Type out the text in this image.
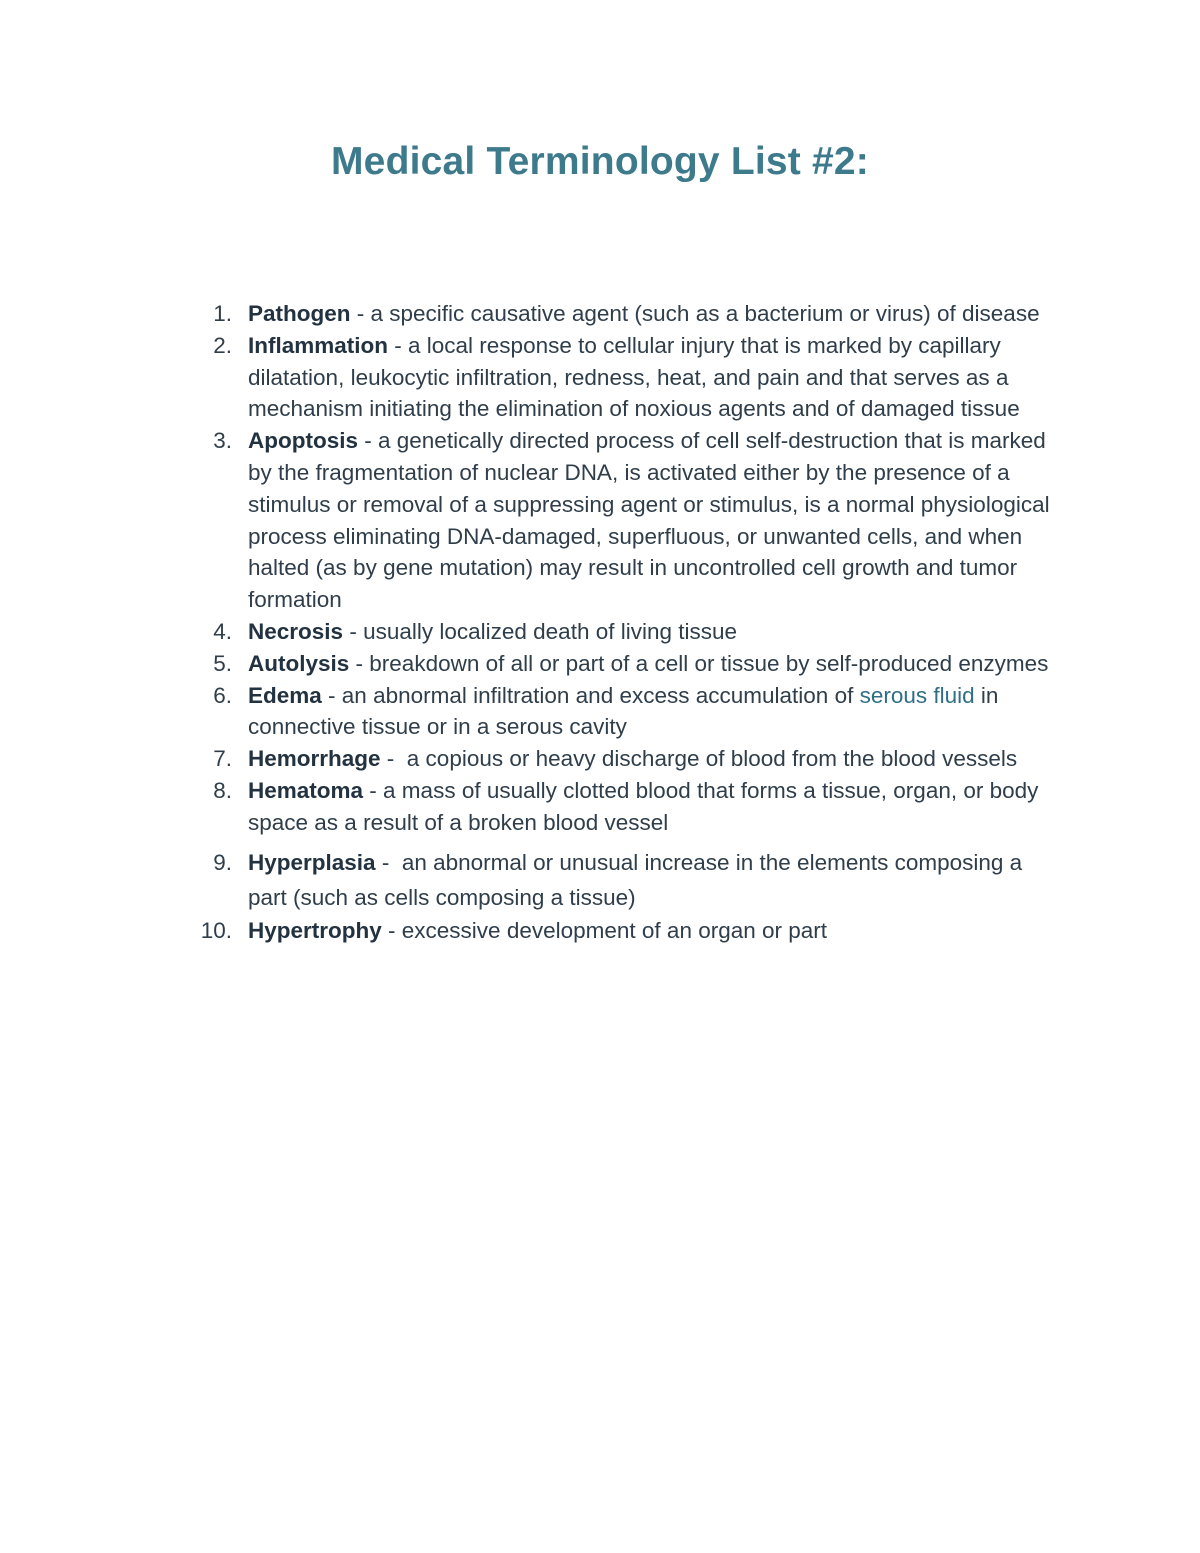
Medical Terminology List #2:
1. Pathogen - a specific causative agent (such as a bacterium or virus) of disease
2. Inflammation - a local response to cellular injury that is marked by capillary dilatation, leukocytic infiltration, redness, heat, and pain and that serves as a mechanism initiating the elimination of noxious agents and of damaged tissue
3. Apoptosis - a genetically directed process of cell self-destruction that is marked by the fragmentation of nuclear DNA, is activated either by the presence of a stimulus or removal of a suppressing agent or stimulus, is a normal physiological process eliminating DNA-damaged, superfluous, or unwanted cells, and when halted (as by gene mutation) may result in uncontrolled cell growth and tumor formation
4. Necrosis - usually localized death of living tissue
5. Autolysis - breakdown of all or part of a cell or tissue by self-produced enzymes
6. Edema - an abnormal infiltration and excess accumulation of serous fluid in connective tissue or in a serous cavity
7. Hemorrhage -  a copious or heavy discharge of blood from the blood vessels
8. Hematoma - a mass of usually clotted blood that forms a tissue, organ, or body space as a result of a broken blood vessel
9. Hyperplasia -  an abnormal or unusual increase in the elements composing a part (such as cells composing a tissue)
10. Hypertrophy - excessive development of an organ or part
